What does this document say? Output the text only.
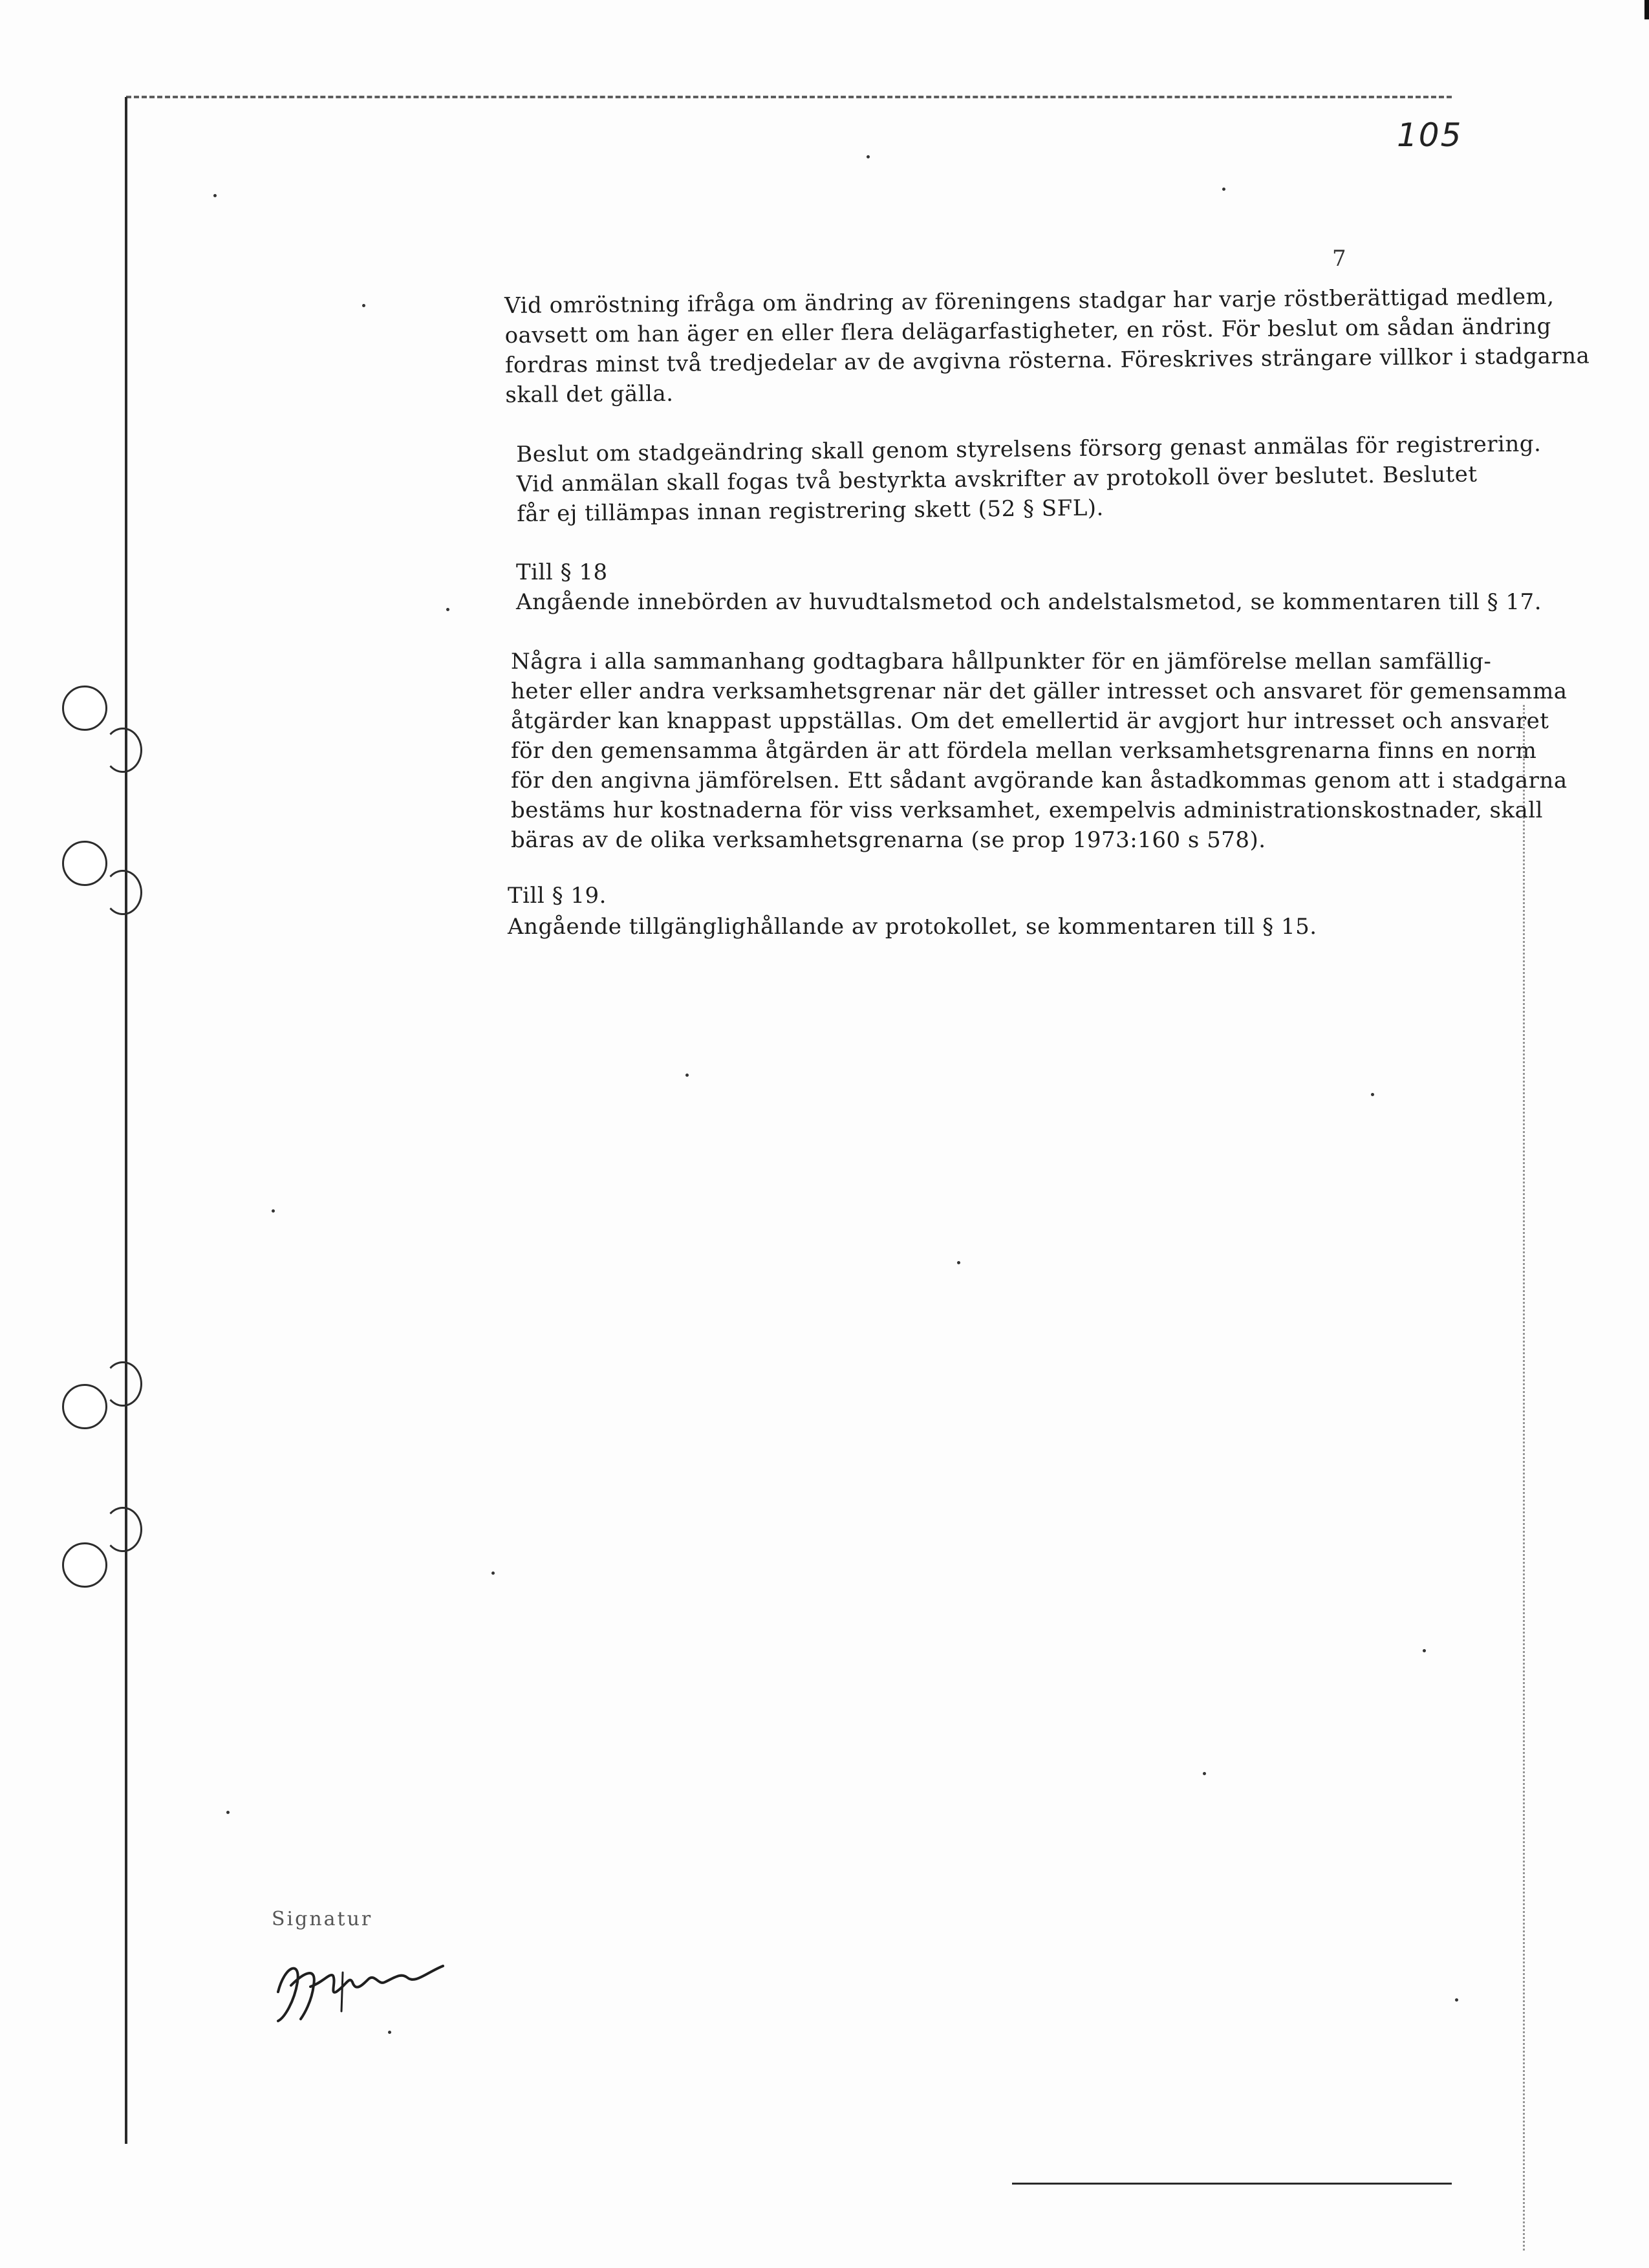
105
7

Vid omröstning ifråga om ändring av föreningens stadgar har varje röstberättigad medlem,

oavsett om han äger en eller flera delägarfastigheter, en röst. För beslut om sådan ändring

fordras minst två tredjedelar av de avgivna rösterna. Föreskrives strängare villkor i stadgarna

skall det gälla.

Beslut om stadgeändring skall genom styrelsens försorg genast anmälas för registrering.

Vid anmälan skall fogas två bestyrkta avskrifter av protokoll över beslutet. Beslutet

får ej tillämpas innan registrering skett (52 § SFL).

Till § 18

Angående innebörden av huvudtalsmetod och andelstalsmetod, se kommentaren till § 17.

Några i alla sammanhang godtagbara hållpunkter för en jämförelse mellan samfällig-

heter eller andra verksamhetsgrenar när det gäller intresset och ansvaret för gemensamma

åtgärder kan knappast uppställas. Om det emellertid är avgjort hur intresset och ansvaret

för den gemensamma åtgärden är att fördela mellan verksamhetsgrenarna finns en norm

för den angivna jämförelsen. Ett sådant avgörande kan åstadkommas genom att i stadgarna

bestäms hur kostnaderna för viss verksamhet, exempelvis administrationskostnader, skall

bäras av de olika verksamhetsgrenarna (se prop 1973:160 s 578).

Till § 19.

Angående tillgänglighållande av protokollet, se kommentaren till § 15.

Signatur
